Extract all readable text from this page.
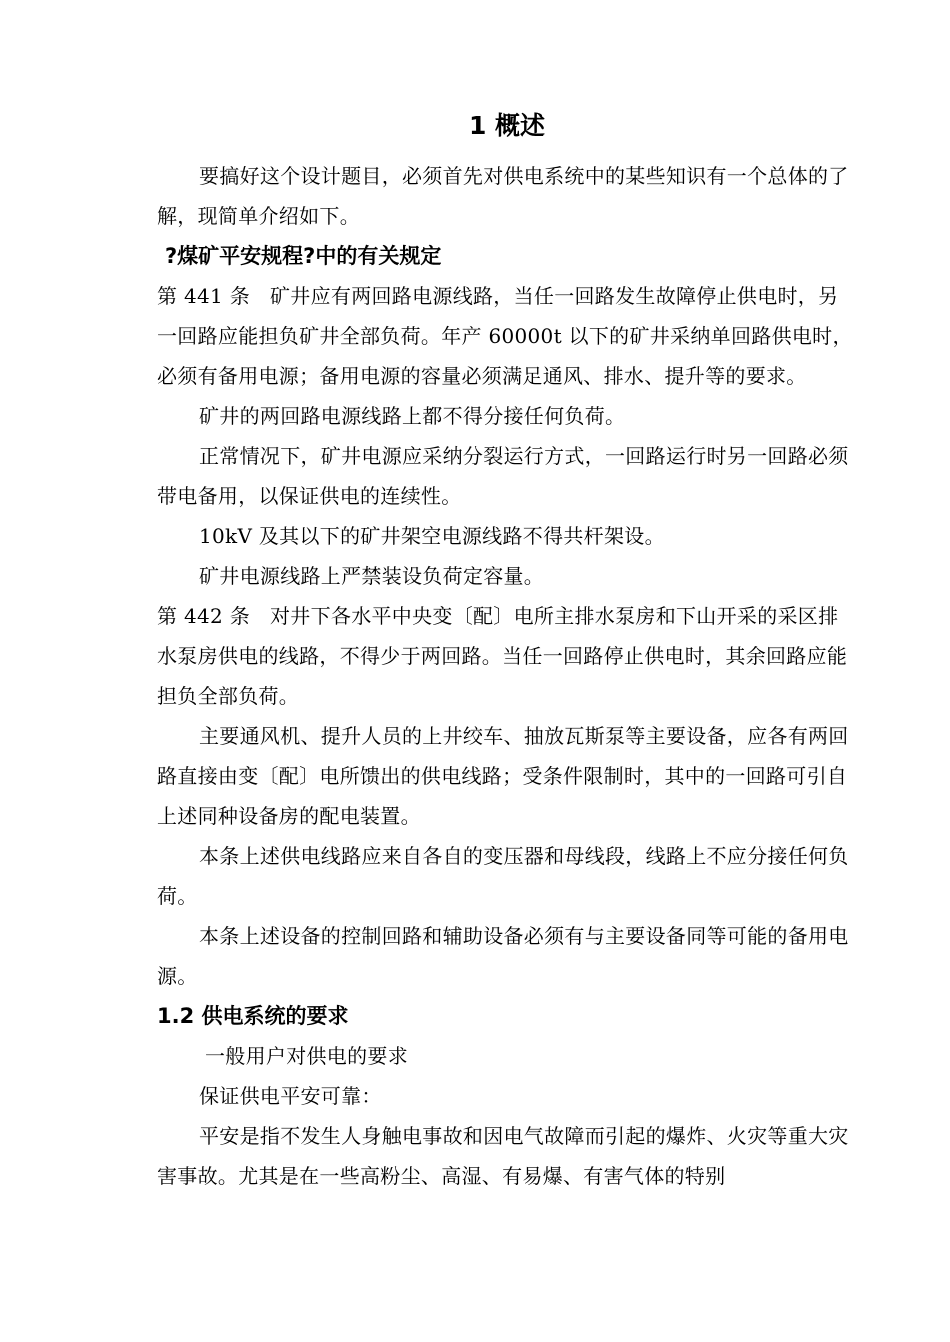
1 概述

要搞好这个设计题目，必须首先对供电系统中的某些知识有一个总体的了解，现简单介绍如下。

?煤矿平安规程?中的有关规定

第 441 条 矿井应有两回路电源线路，当任一回路发生故障停止供电时，另一回路应能担负矿井全部负荷。年产 60000t 以下的矿井采纳单回路供电时，必须有备用电源；备用电源的容量必须满足通风、排水、提升等的要求。

矿井的两回路电源线路上都不得分接任何负荷。

正常情况下，矿井电源应采纳分裂运行方式，一回路运行时另一回路必须带电备用，以保证供电的连续性。

10kV 及其以下的矿井架空电源线路不得共杆架设。

矿井电源线路上严禁装设负荷定容量。

第 442 条 对井下各水平中央变〔配〕电所主排水泵房和下山开采的采区排水泵房供电的线路，不得少于两回路。当任一回路停止供电时，其余回路应能担负全部负荷。

主要通风机、提升人员的上井绞车、抽放瓦斯泵等主要设备，应各有两回路直接由变〔配〕电所馈出的供电线路；受条件限制时，其中的一回路可引自上述同种设备房的配电装置。

本条上述供电线路应来自各自的变压器和母线段，线路上不应分接任何负荷。

本条上述设备的控制回路和辅助设备必须有与主要设备同等可能的备用电源。

1.2 供电系统的要求

一般用户对供电的要求

保证供电平安可靠：

平安是指不发生人身触电事故和因电气故障而引起的爆炸、火灾等重大灾害事故。尤其是在一些高粉尘、高湿、有易爆、有害气体的特别
